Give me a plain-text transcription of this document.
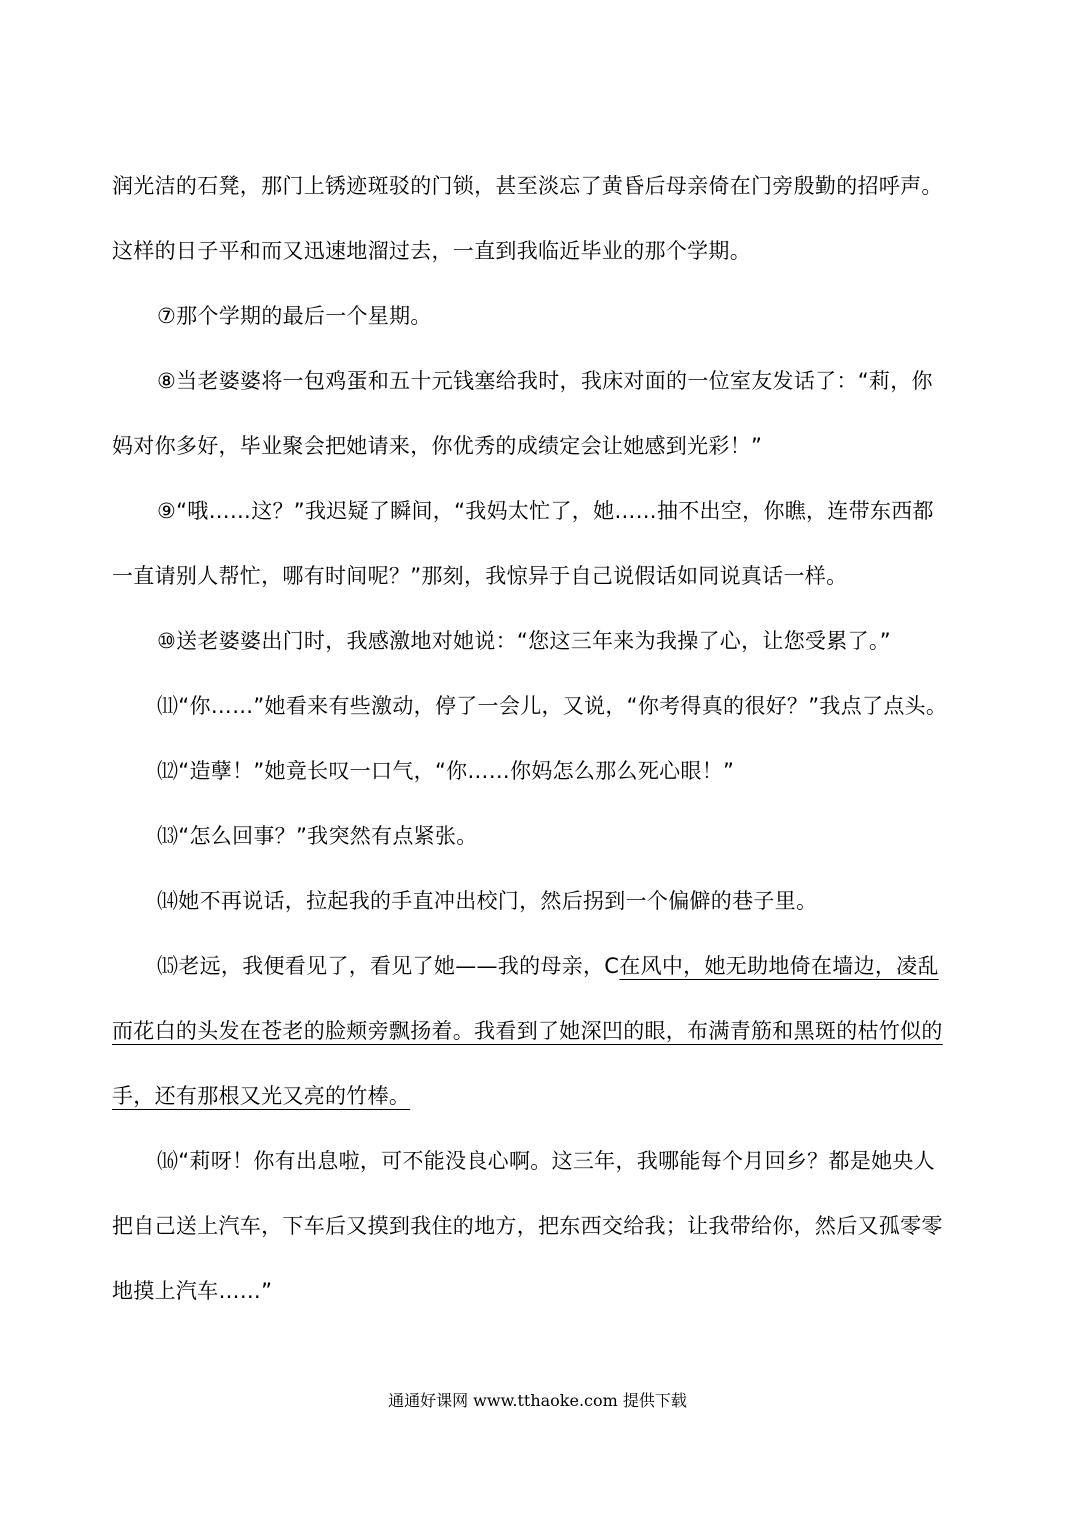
润光洁的石凳，那门上锈迹斑驳的门锁，甚至淡忘了黄昏后母亲倚在门旁殷勤的招呼声。
这样的日子平和而又迅速地溜过去，一直到我临近毕业的那个学期。
⑦那个学期的最后一个星期。
⑧当老婆婆将一包鸡蛋和五十元钱塞给我时，我床对面的一位室友发话了：“莉，你
妈对你多好，毕业聚会把她请来，你优秀的成绩定会让她感到光彩！”
⑨“哦……这？”我迟疑了瞬间，“我妈太忙了，她……抽不出空，你瞧，连带东西都
一直请别人帮忙，哪有时间呢？”那刻，我惊异于自己说假话如同说真话一样。
⑩送老婆婆出门时，我感激地对她说：“您这三年来为我操了心，让您受累了。”
⑾“你……”她看来有些激动，停了一会儿，又说，“你考得真的很好？”我点了点头。
⑿“造孽！”她竟长叹一口气，“你……你妈怎么那么死心眼！”
⒀“怎么回事？”我突然有点紧张。
⒁她不再说话，拉起我的手直冲出校门，然后拐到一个偏僻的巷子里。
⒂老远，我便看见了，看见了她——我的母亲，C在风中，她无助地倚在墙边，凌乱
而花白的头发在苍老的脸颊旁飘扬着。我看到了她深凹的眼，布满青筋和黑斑的枯竹似的
手，还有那根又光又亮的竹棒。
⒃“莉呀！你有出息啦，可不能没良心啊。这三年，我哪能每个月回乡？都是她央人
把自己送上汽车，下车后又摸到我住的地方，把东西交给我；让我带给你，然后又孤零零
地摸上汽车……”
通通好课网 www.tthaoke.com 提供下载
